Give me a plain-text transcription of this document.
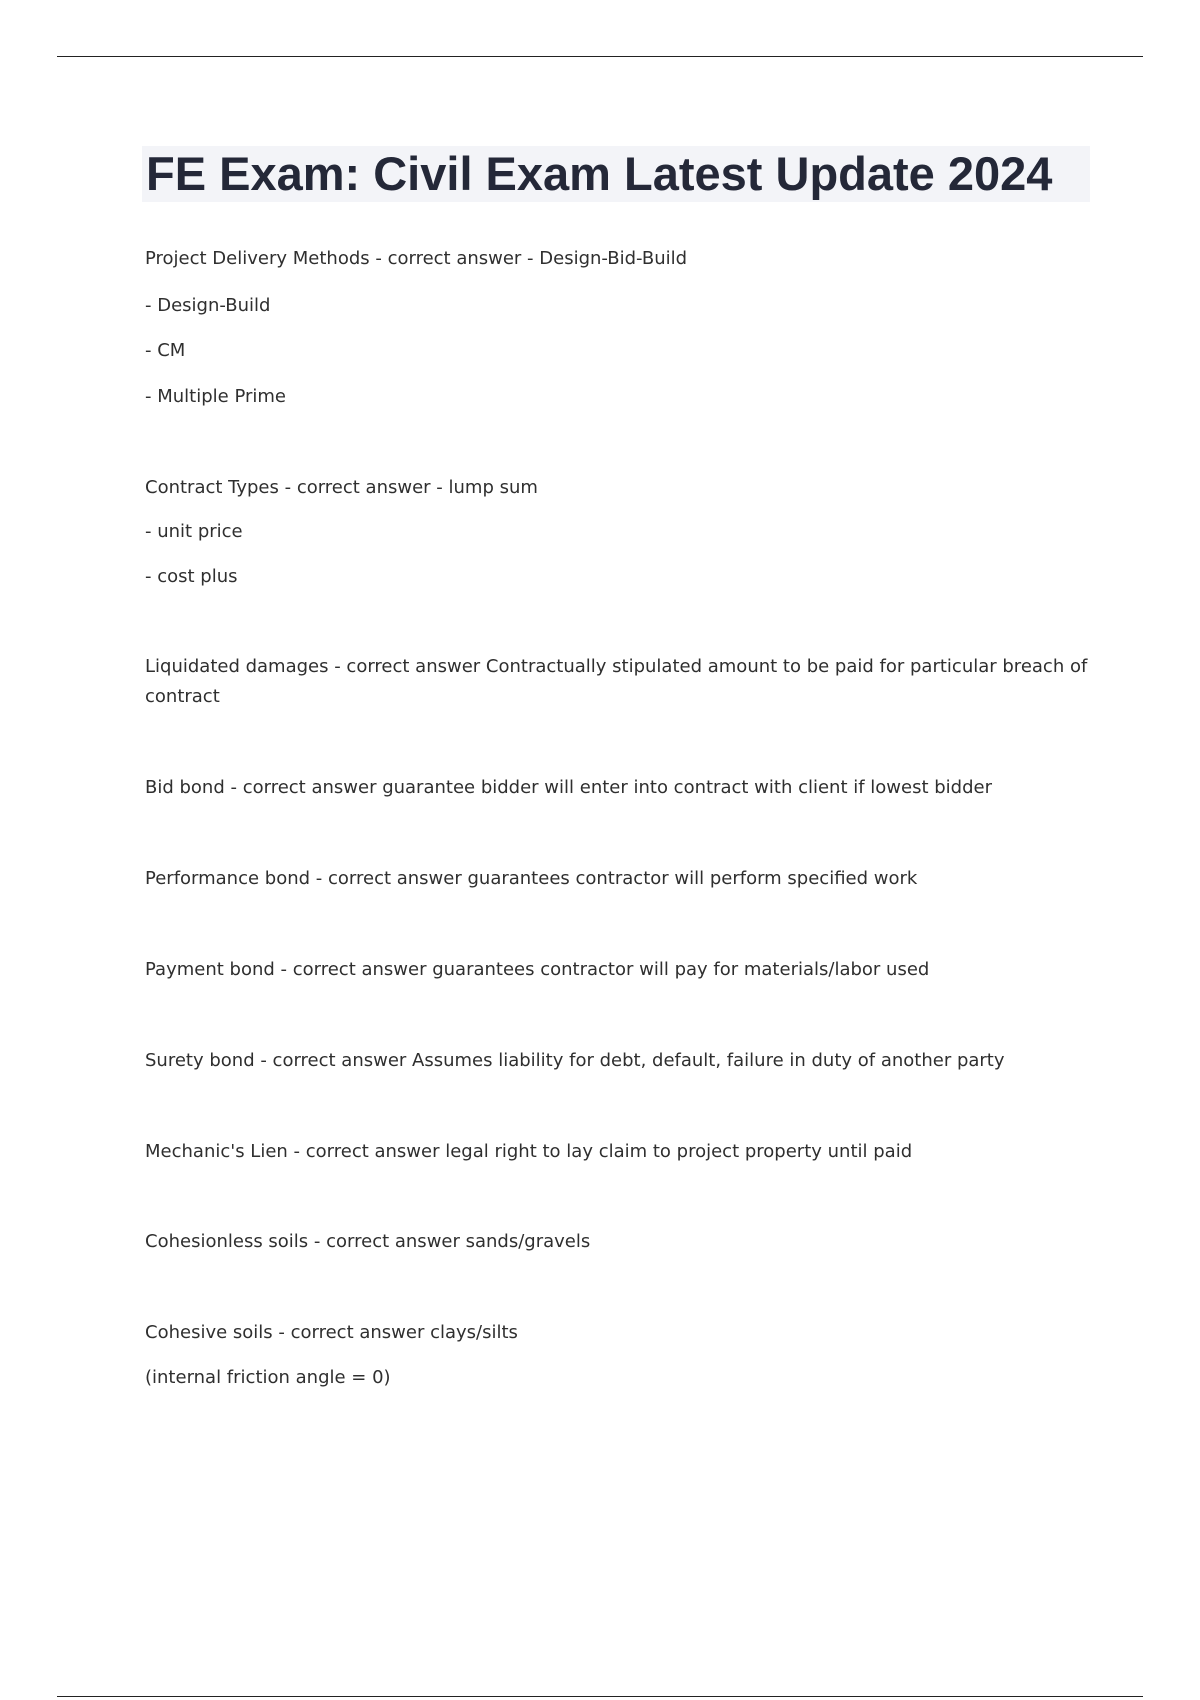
FE Exam: Civil Exam Latest Update 2024

Project Delivery Methods - correct answer - Design-Bid-Build

- Design-Build

- CM

- Multiple Prime

Contract Types - correct answer - lump sum

- unit price

- cost plus

Liquidated damages - correct answer Contractually stipulated amount to be paid for particular breach of

contract

Bid bond - correct answer guarantee bidder will enter into contract with client if lowest bidder

Performance bond - correct answer guarantees contractor will perform specified work

Payment bond - correct answer guarantees contractor will pay for materials/labor used

Surety bond - correct answer Assumes liability for debt, default, failure in duty of another party

Mechanic's Lien - correct answer legal right to lay claim to project property until paid

Cohesionless soils - correct answer sands/gravels

Cohesive soils - correct answer clays/silts

(internal friction angle = 0)
